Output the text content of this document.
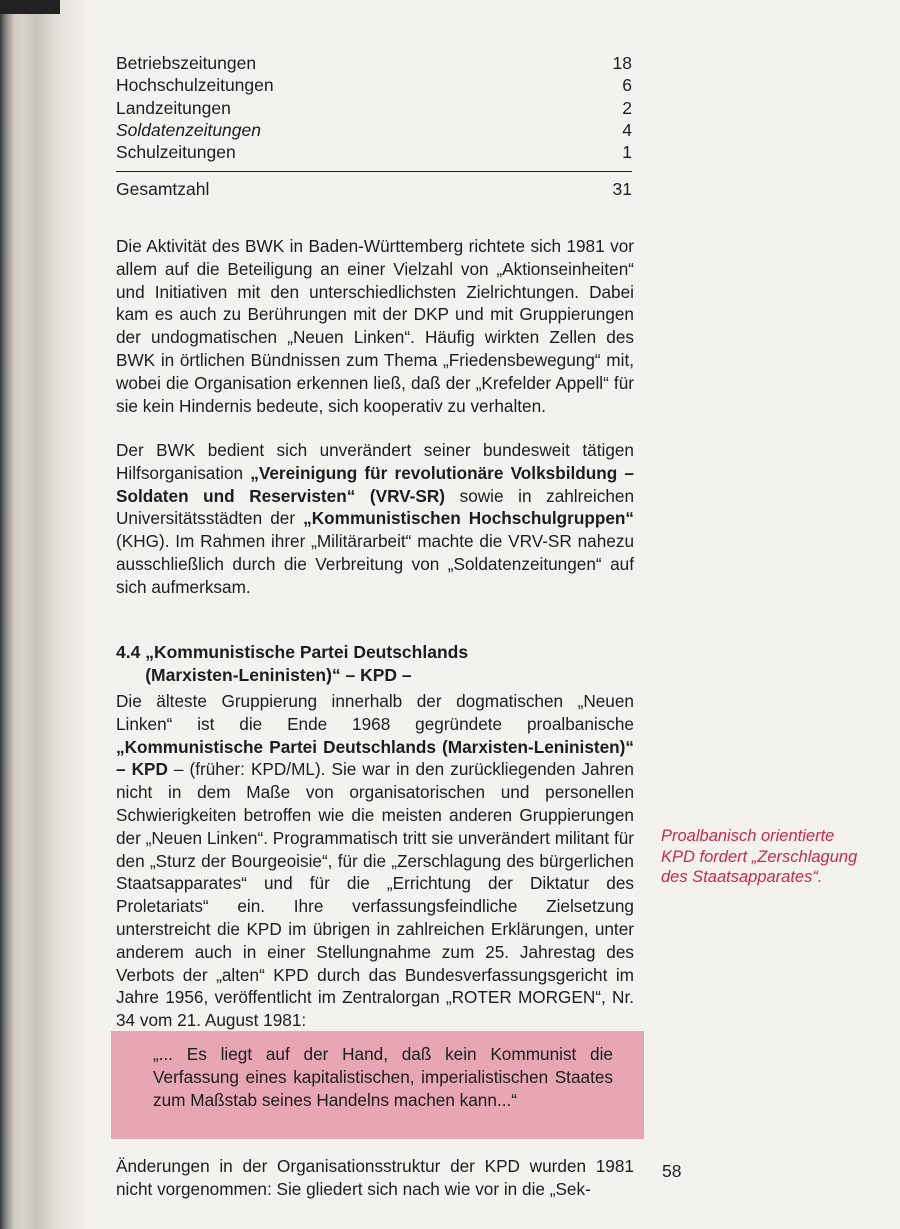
Betriebszeitungen	18
Hochschulzeitungen	6
Landzeitungen	2
Soldatenzeitungen	4
Schulzeitungen	1
Gesamtzahl	31

Die Aktivität des BWK in Baden-Württemberg richtete sich 1981 vor allem auf die Beteiligung an einer Vielzahl von „Aktionseinheiten“ und Initiativen mit den unterschiedlichsten Zielrichtungen. Dabei kam es auch zu Berührungen mit der DKP und mit Gruppierungen der undogmatischen „Neuen Linken“. Häufig wirkten Zellen des BWK in örtlichen Bündnissen zum Thema „Friedensbewegung“ mit, wobei die Organisation erkennen ließ, daß der „Krefelder Appell“ für sie kein Hindernis bedeute, sich kooperativ zu verhalten.

Der BWK bedient sich unverändert seiner bundesweit tätigen Hilfsorganisation „Vereinigung für revolutionäre Volksbildung – Soldaten und Reservisten“ (VRV-SR) sowie in zahlreichen Universitätsstädten der „Kommunistischen Hochschulgruppen“ (KHG). Im Rahmen ihrer „Militärarbeit“ machte die VRV-SR nahezu ausschließlich durch die Verbreitung von „Soldatenzeitungen“ auf sich aufmerksam.

4.4 „Kommunistische Partei Deutschlands (Marxisten-Leninisten)“ – KPD –

Die älteste Gruppierung innerhalb der dogmatischen „Neuen Linken“ ist die Ende 1968 gegründete proalbanische „Kommunistische Partei Deutschlands (Marxisten-Leninisten)“ – KPD – (früher: KPD/ML). Sie war in den zurückliegenden Jahren nicht in dem Maße von organisatorischen und personellen Schwierigkeiten betroffen wie die meisten anderen Gruppierungen der „Neuen Linken“. Programmatisch tritt sie unverändert militant für den „Sturz der Bourgeoisie“, für die „Zerschlagung des bürgerlichen Staatsapparates“ und für die „Errichtung der Diktatur des Proletariats“ ein. Ihre verfassungsfeindliche Zielsetzung unterstreicht die KPD im übrigen in zahlreichen Erklärungen, unter anderem auch in einer Stellungnahme zum 25. Jahrestag des Verbots der „alten“ KPD durch das Bundesverfassungsgericht im Jahre 1956, veröffentlicht im Zentralorgan „ROTER MORGEN“, Nr. 34 vom 21. August 1981:

Proalbanisch orientierte KPD fordert „Zerschlagung des Staatsapparates“.

„... Es liegt auf der Hand, daß kein Kommunist die Verfassung eines kapitalistischen, imperialistischen Staates zum Maßstab seines Handelns machen kann...“

Änderungen in der Organisationsstruktur der KPD wurden 1981 nicht vorgenommen: Sie gliedert sich nach wie vor in die „Sek-

58
